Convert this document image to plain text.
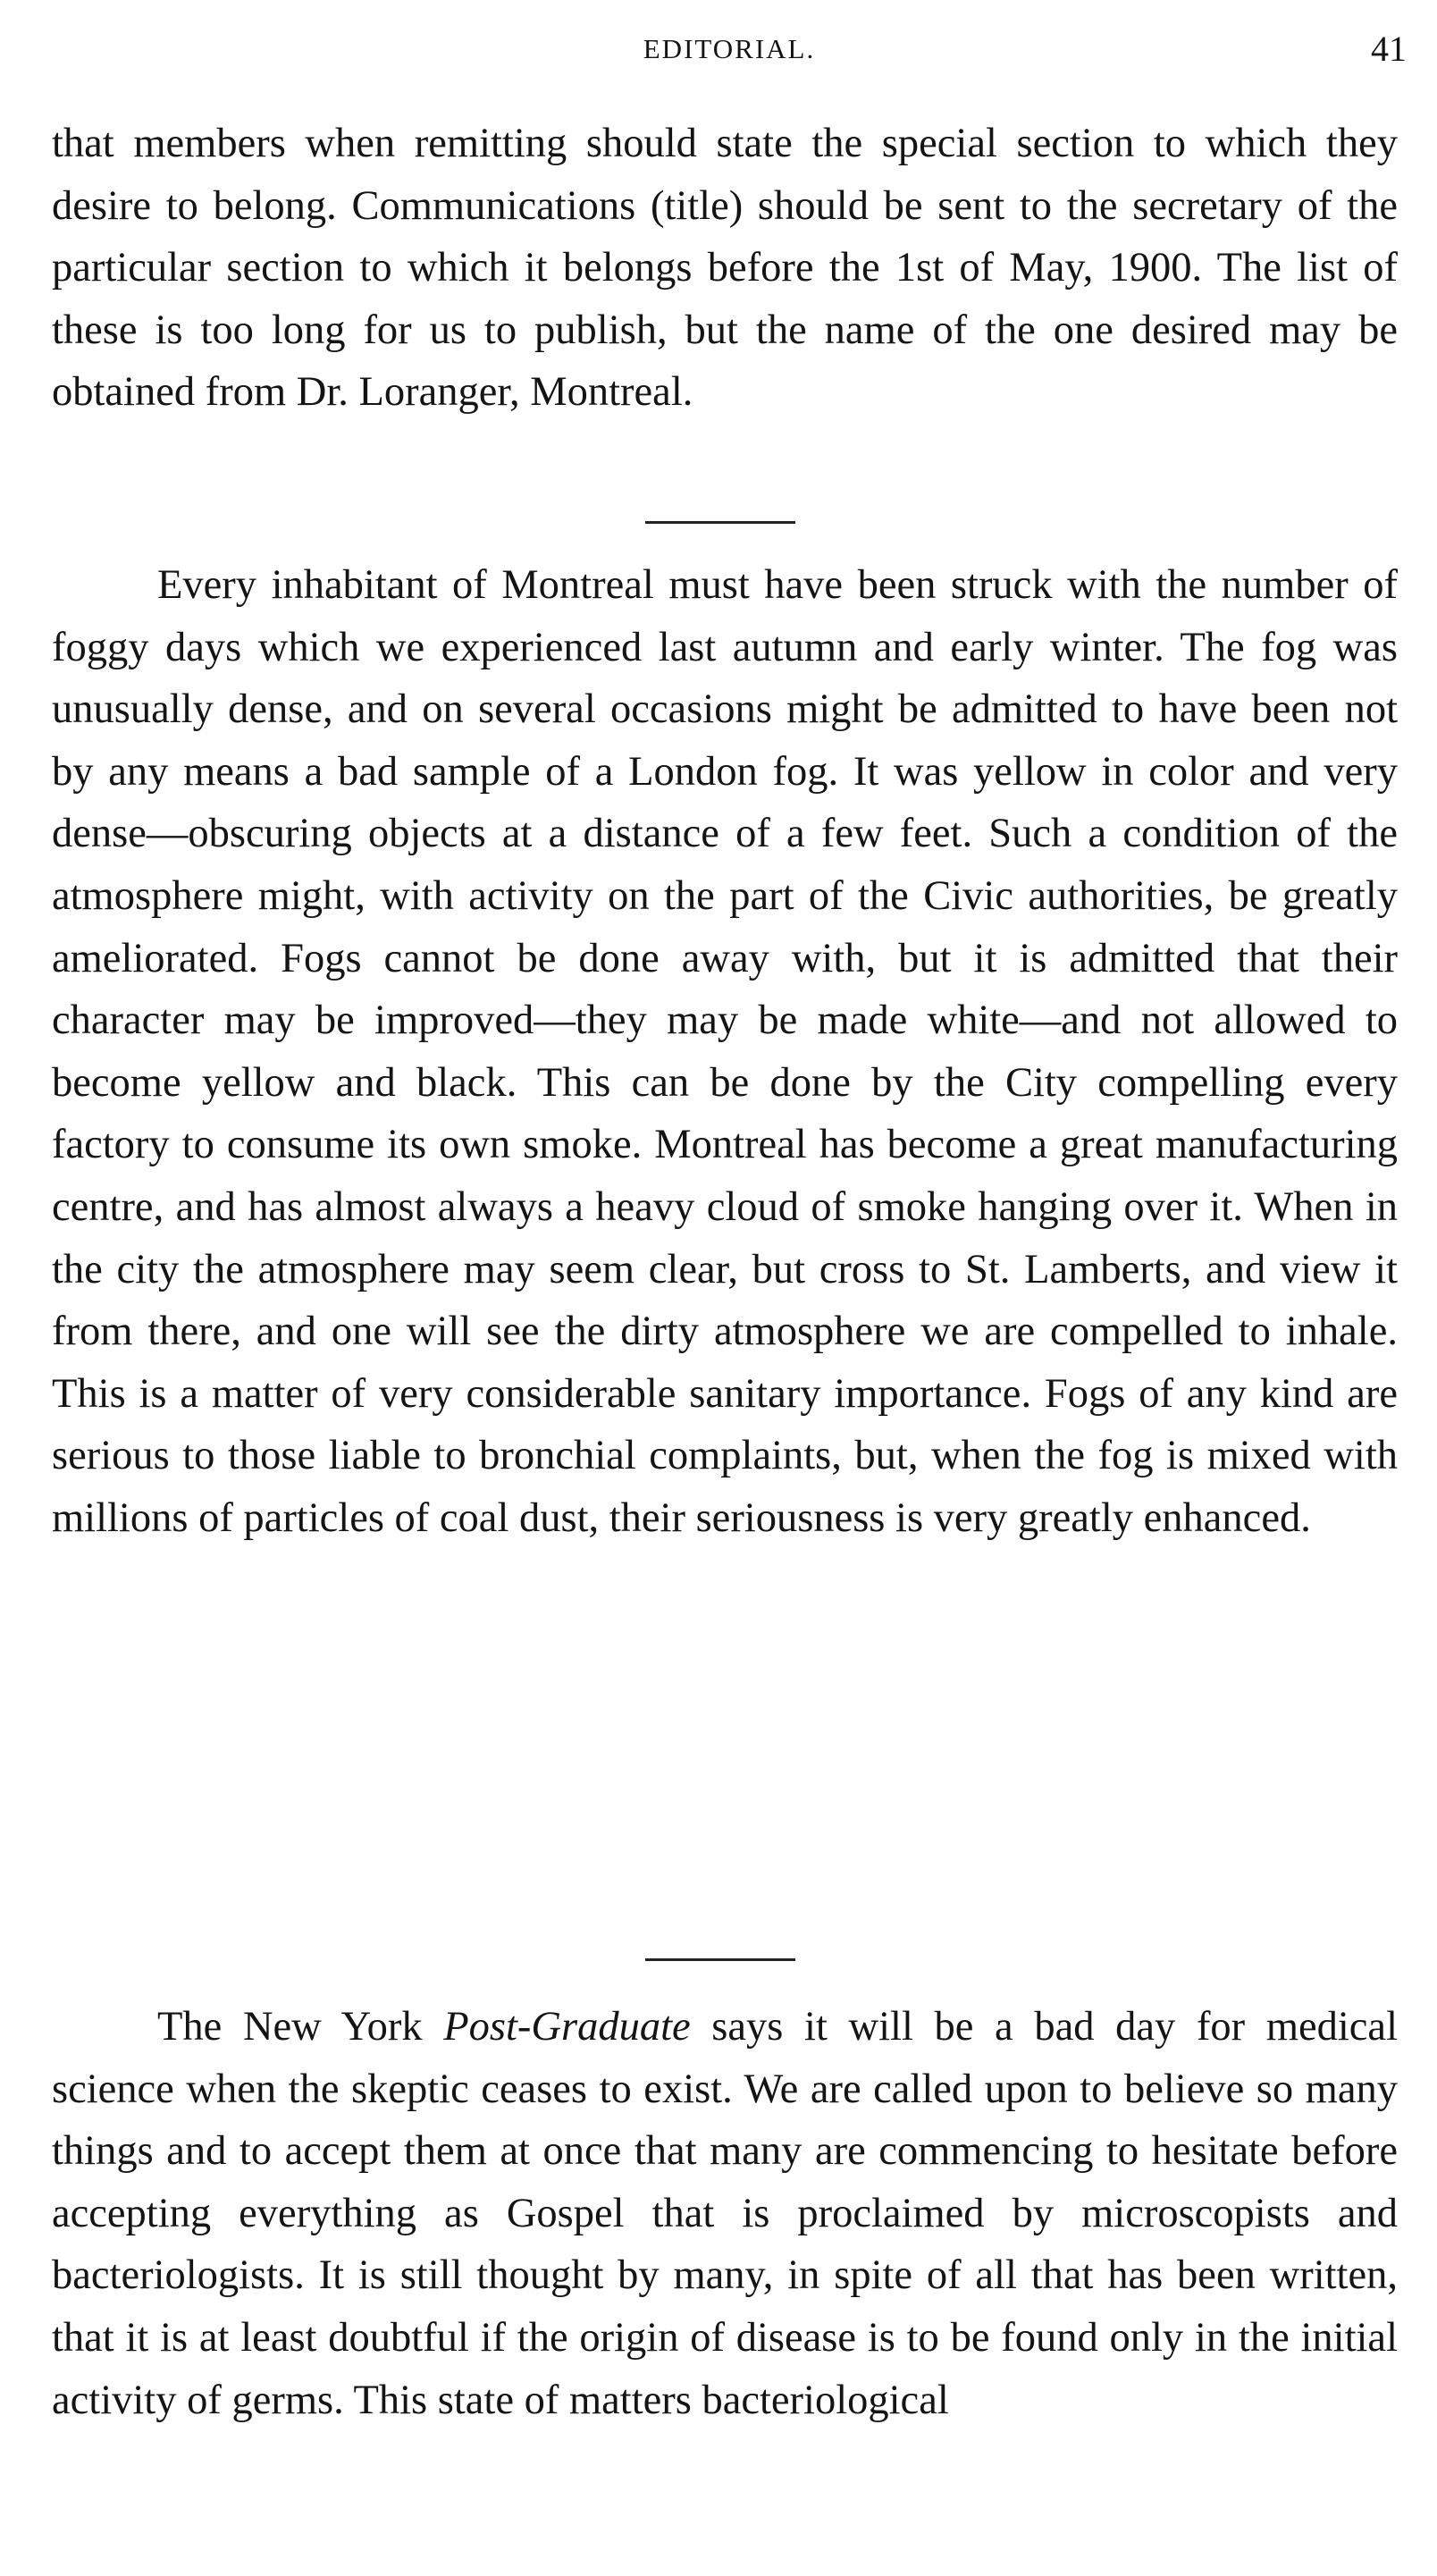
EDITORIAL.	41

that members when remitting should state the special section to which they desire to belong. Communications (title) should be sent to the secretary of the particular section to which it belongs before the 1st of May, 1900. The list of these is too long for us to publish, but the name of the one desired may be obtained from Dr. Loranger, Montreal.

Every inhabitant of Montreal must have been struck with the number of foggy days which we experienced last autumn and early winter. The fog was unusually dense, and on several occasions might be admitted to have been not by any means a bad sample of a London fog. It was yellow in color and very dense—obscuring objects at a distance of a few feet. Such a condition of the atmosphere might, with activity on the part of the Civic authorities, be greatly ameliorated. Fogs cannot be done away with, but it is admitted that their character may be improved—they may be made white—and not allowed to become yellow and black. This can be done by the City compelling every factory to consume its own smoke. Montreal has become a great manufacturing centre, and has almost always a heavy cloud of smoke hanging over it. When in the city the atmosphere may seem clear, but cross to St. Lamberts, and view it from there, and one will see the dirty atmosphere we are compelled to inhale. This is a matter of very considerable sanitary importance. Fogs of any kind are serious to those liable to bronchial complaints, but, when the fog is mixed with millions of particles of coal dust, their seriousness is very greatly enhanced.

The New York Post-Graduate says it will be a bad day for medical science when the skeptic ceases to exist. We are called upon to believe so many things and to accept them at once that many are commencing to hesitate before accepting everything as Gospel that is proclaimed by microscopists and bacteriologists. It is still thought by many, in spite of all that has been written, that it is at least doubtful if the origin of disease is to be found only in the initial activity of germs. This state of matters bacteriological
